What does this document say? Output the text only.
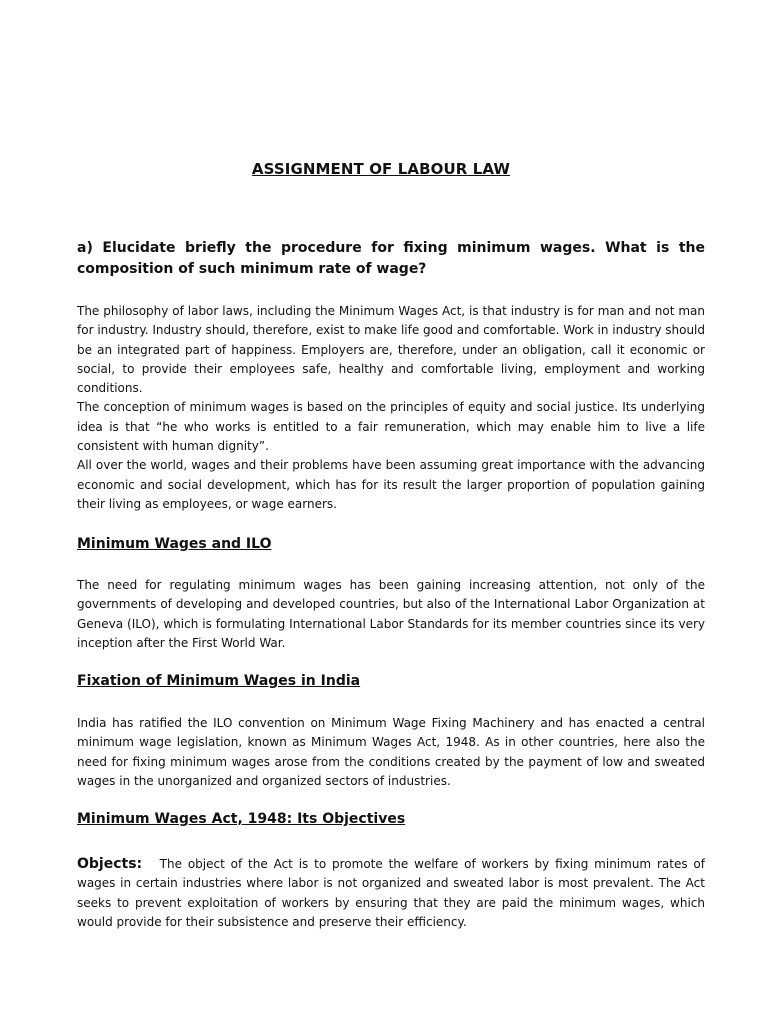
ASSIGNMENT OF LABOUR LAW
a) Elucidate briefly the procedure for fixing minimum wages. What is the composition of such minimum rate of wage?

The philosophy of labor laws, including the Minimum Wages Act, is that industry is for man and not man for industry. Industry should, therefore, exist to make life good and comfortable. Work in industry should be an integrated part of happiness. Employers are, therefore, under an obligation, call it economic or social, to provide their employees safe, healthy and comfortable living, employment and working conditions.

The conception of minimum wages is based on the principles of equity and social justice. Its underlying idea is that “he who works is entitled to a fair remuneration, which may enable him to live a life consistent with human dignity”.

All over the world, wages and their problems have been assuming great importance with the advancing economic and social development, which has for its result the larger proportion of population gaining their living as employees, or wage earners.

Minimum Wages and ILO

The need for regulating minimum wages has been gaining increasing attention, not only of the governments of developing and developed countries, but also of the International Labor Organization at Geneva (ILO), which is formulating International Labor Standards for its member countries since its very inception after the First World War.

Fixation of Minimum Wages in India

India has ratified the ILO convention on Minimum Wage Fixing Machinery and has enacted a central minimum wage legislation, known as Minimum Wages Act, 1948. As in other countries, here also the need for fixing minimum wages arose from the conditions created by the payment of low and sweated wages in the unorganized and organized sectors of industries.

Minimum Wages Act, 1948: Its Objectives

Objects: The object of the Act is to promote the welfare of workers by fixing minimum rates of wages in certain industries where labor is not organized and sweated labor is most prevalent. The Act seeks to prevent exploitation of workers by ensuring that they are paid the minimum wages, which would provide for their subsistence and preserve their efficiency.
